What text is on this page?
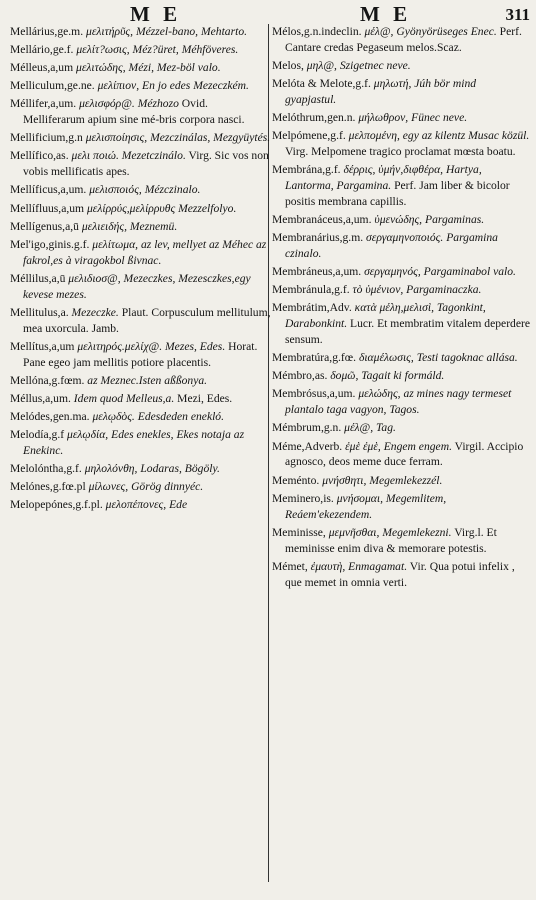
M E	M E	311
Mellárius,ge.m. μελιτήρῦς, Mézzel-bano, Mehtarto.
Mellário,ge.f. μελίτ?ωσις, Méz?üret, Méhföveres.
Mélleus,a,um μελιτώδης, Mézi, Mez-böl valo.
Melliculum,ge.ne. μελίπιον, En jo edes Mezeczkém.
Méllifer,a,um. μελισφόρ@. Mézhozo Ovid. Melliferarum apium sine mé-bris corpora nasci.
Mellificium,g.n μελισποίησις, Mezczinálas, Mezgyüytés.
Mellífico,as. μελι ποιώ. Mezetczinálo. Virg. Sic vos non vobis mellificatis apes.
Mellíficus,a,um. μελισποιός, Mézczinalo.
Mellífluus,a,um μελίρρύς,μελίρρυθς Mezzelfolyo.
Mellígenus,a,ū μελιειδής, Meznemü.
Mel'igo,ginis.g.f. μελίτωμα, az lev, mellyet az Méhec az fakrol,es à viragokbol ßivnac.
Méllilus,a,ū μελιδιοσ@, Mezeczkes, Mezesczkes,egy kevese mezes.
Mellitulus,a. Mezeczke. Plaut. Corpusculum mellitulum, mea uxorcula. Jamb.
Mellítus,a,um μελιτηρός.μελίχ@. Mezes, Edes. Horat. Pane egeo jam mellitis potiore placentis.
Mellóna,g.fœm. az Meznec.Isten aßßonya.
Méllus,a,um. Idem quod Melleus,a. Mezi, Edes.
Melódes,gen.ma. μελῳδὸς. Edesdeden enekló.
Melodía,g.f μελῳδία, Edes enekles, Ekes notaja az Enekinc.
Melolóntha,g.f. μηλολόνθη, Lodaras, Bögöly.
Melónes,g.fœ.pl μίλωνες, Görög dinnyéc.
Melopepónes,g.f.pl. μελοπέπονες, Ede
Mélos,g.n.indeclin. μέλ@, Gyönyörüseges Enec. Perf. Cantare credas Pegaseum melos.Scaz.
Melos, μηλ@, Szigetnec neve.
Melóta & Melote,g.f. μηλωτή, Júh bör mind gyapjastul.
Melóthrum,gen.n. μήλωθρον, Fünec neve.
Melpómene,g.f. μελπομένη, egy az kilentz Musac közül. Virg. Melpomene tragico proclamat mœsta boatu.
Membrána,g.f. δέρρις, ὑμήν,διφθέρα, Hartya, Lantorma, Pargamina. Perf. Jam liber & bicolor positis membrana capillis.
Membranáceus,a,um. ὑμενώδης, Pargaminas.
Membranárius,g.m. σεργαμηνοποιός. Pargamina czinalo.
Membráneus,a,um. σεργαμηνός, Pargaminabol valo.
Membránula,g.f. τὸ ὑμένιον, Pargaminaczka.
Membrátim,Adv. κατὰ μέλη,μελισὶ, Tagonkint, Darabonkint. Lucr. Et membratim vitalem deperdere sensum.
Membratúra,g.fœ. διαμέλωσις, Testi tagoknac allása.
Mémbro,as. δομῶ, Tagait ki formáld.
Membrósus,a,um. μελώδης, az mines nagy termeset plantalo taga vagyon, Tagos.
Mémbrum,g.n. μέλ@, Tag.
Méme,Adverb. ἐμὲ ἐμὲ, Engem engem. Virgil. Accipio agnosco, deos meme duce ferram.
Meménto. μνήσθητι, Megemlekezzél.
Meminero,is. μνήσομαι, Megemlitem, Reáem'ekezendem.
Meminisse, μεμνῆσθαι, Megemlekezni. Virg.l. Et meminisse enim diva & memorare potestis.
Mémet, ἐμαυτὴ, Enmagamat. Vir. Qua potui infelix , que memet in omnia verti.
